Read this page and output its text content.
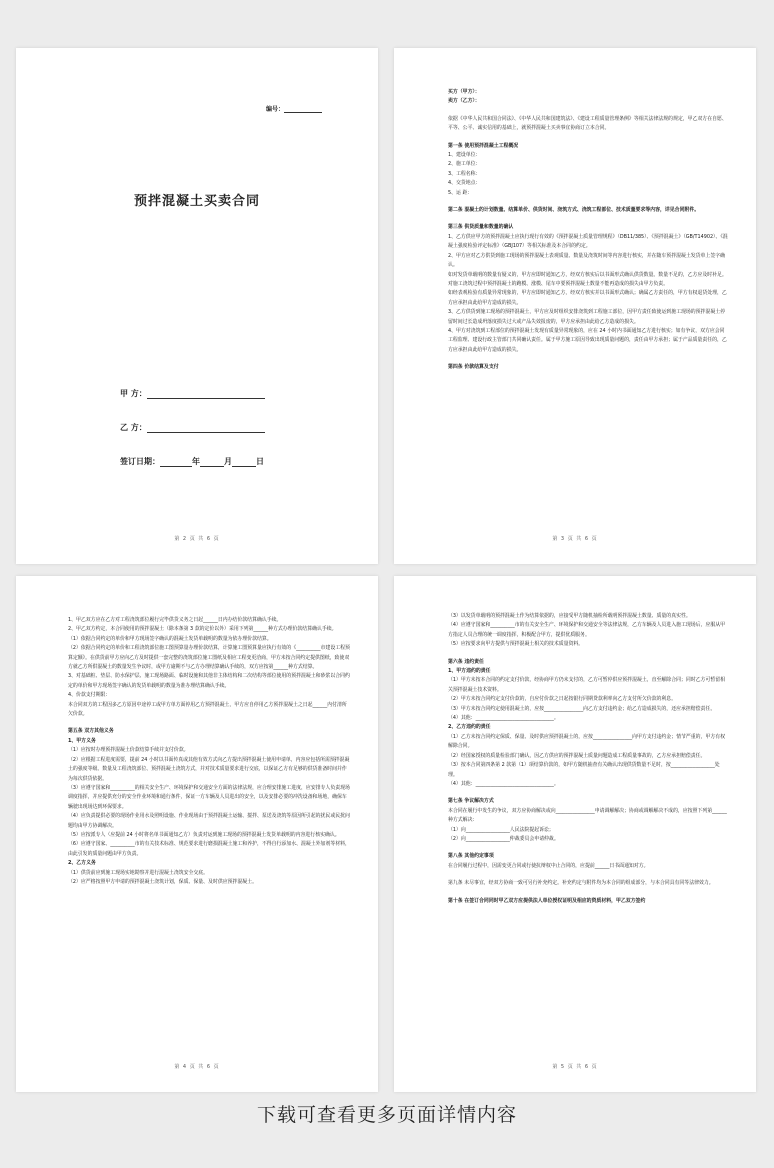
编号：
预拌混凝土买卖合同
甲 方：
乙 方：
签订日期：	年	月	日
第 2 页 共 6 页

买方（甲方）：

卖方（乙方）：

依据《中华人民共和国合同法》、《中华人民共和国建筑法》、《建设工程质量管理条例》等相关法律法规的规定，甲乙双方在自愿、平等、公平、诚实信用的基础上，就预拌混凝土买卖事宜协商订立本合同。

第一条 使用预拌混凝土工程概况

1、建设单位：

2、施工单位：

3、工程名称：

4、交货地点：

5、运 距：

第二条 混凝土的计划数量、结算单价、供货时间、浇筑方式、浇筑工程部位、技术质量要求等内容，详见合同附件。

第三条 供货质量和数量的确认

1、乙方供应甲方的预拌混凝土应执行现行有效的《预拌混凝土质量管理规程》（DB11/385）、《预拌混凝土》（GB/T14902）、《混凝土强度检验评定标准》（GBJ107）等相关标准及本合同的约定。

2、甲方应对乙方供货到施工现场的预拌混凝土表观质量、数量及浇筑时间等内容进行核实，并在随车预拌混凝土发货单上签字确认。

如对发货单载明的数量有疑义的，甲方应即时通知乙方，经双方核实后以书面形式确认供货数量。数量不足的，乙方应及时补足。对施工浇筑过程中预拌混凝土的跑模、涨模、尾车中要预拌混凝土数量不能再造成的损失由甲方负责。

如经表观检验有质量异常现象的，甲方应即时通知乙方，经双方核实并以书面形式确认；确属乙方责任的，甲方有权退货处理，乙方应承担由此给甲方造成的损失。

3、乙方供货到施工现场的预拌混凝土，甲方应及时组织安排浇筑到工程施工部位，因甲方责任致使运到施工现场的预拌混凝土停留时间过长造成坍落度损失过大或产品失效报废的，甲方应承担由此给乙方造成的损失。

4、甲方对浇筑到工程部位的预拌混凝土发现有质量异常现象的，应在 24 小时内书面通知乙方进行核实；如有争议，双方应会同工程监理、建设行政主管部门共同确认责任。属于甲方施工原因导致出现质量问题的，责任由甲方承担；属于产品质量责任的，乙方应承担由此给甲方造成的损失。

第四条 价款结算及支付

第 3 页 共 6 页

1、甲乙双方应在乙方对工程浇筑部位履行完毕供货义务之日起______日内办结价款结算确认手续。

2、甲乙双方约定，本合同使用的预拌混凝土（除本条第 3 款的定价以外）采用下列第______种方式办理价款结算确认手续。

（1）依据合同约定的单价和甲方现场签字确认的混凝土发货单载明的数量为依办理价款结算。

（2）依据合同约定的单价和工程浇筑部位施工图预算量办理价款结算，计算施工图预算量应执行有效的《__________市建设工程预算定额》。在供货前甲方应向乙方及时提供一套完整的浇筑部位施工图纸及相应工程变更洽商，甲方未按合同约定提供图纸，致使双方就乙方所供混凝土的数量发生争议时，或甲方逾期不与乙方办理结算确认手续的，双方应按第______种方式结算。

3、对基础桩、垫层、防水保护层、施工现场路面、临时设施和其他非主体结构和二次结构等部位使用的预拌混凝土和砂浆以合同约定的单价和甲方现场签字确认的发货单载明的数量为准办理结算确认手续。

4、价款支付期限：

本合同双方的工程因多乙方原因中途停工或甲方单方面停用乙方预拌混凝土，甲方应自停用乙方预拌混凝土之日起______内付清所欠价款。

第五条 双方其他义务

1、甲方义务

（1）应按时办理预拌混凝土价款结算手续并支付价款。

（2）应根据工程进度需要，提前 24 小时以书面传真或其他有效方式向乙方提出预拌混凝土使用申请单，内容应包括所需预拌混凝土的强度等级、数量及工程浇筑部位、预拌混凝土浇筑方式，并对技术质量要求进行交底，以保证乙方有足够的供货准备时间并作为每次供货依据。

（3）应遵守国家和__________的相关安全生产、环境保护和交通安全方面的法律法规，应合理安排施工进度，应安排专人负责现场调度指挥，并应提供充分的安全作业环境和通行条件，保证一方车辆及人员进出的安全，以及安排必要的冲洗设备和场地，确保车辆驶出现场达到环保要求。

（4）应负责提供必要的现场作业用水及照明设施、作业现场由于预拌混凝土运输、搅拌、泵送及浇筑等原因所引起的扰民或民扰问题均由甲方协调解决。

（5）应按派专人（应提前 24 小时将名单书面通知乙方）负责对运到施工现场的预拌混凝土发货单载明的内容进行核实确认。

（6）应遵守国家、__________市的有关技术标准、规范要求进行磨损混凝土施工和养护，不得自行添加水、混凝土外加剂等材料，由此引发的质量问题由甲方负责。

2、乙方义务

（1）供货前应到施工现场实地勘察并进行混凝土浇筑安全交底。

（2）应严格按照甲方申请的预拌混凝土浇筑计划，保质、保量、及时供应预拌混凝土。

第 4 页 共 6 页

（3）以发货单载明的预拌混凝土作为结算依据的，应接受甲方随机抽检所载明预拌混凝土数量、质量的真实性。

（4）应遵守国家和__________市的有关安全生产、环境保护和交通安全等法律法规，乙方车辆及人员进入施工现场后，应服从甲方指定人员合理的统一调度指挥，积极配合甲方，提供优质服务。

（5）应按要求向甲方提供与预拌混凝土相关的技术质量资料。

第六条 违约责任

1、甲方违约的责任

（1）甲方未按本合同的约定支付价款，经协商甲方仍未支付的，乙方可暂停供应预拌混凝土，直至解除合同；同时乙方可暂留相关预拌混凝土技术资料。

（2）甲方未按合同约定支付价款的，自应付价款之日起按银行同期贷款利率向乙方支付所欠价款的利息。

（3）甲方未按合同约定使用混凝土的，应按________________向乙方支付违约金；给乙方造成损失的，还应承担赔偿责任。

（4）其他：________________________________。

2、乙方违约的责任

（1）乙方未按合同约定保质、保量、及时供应预拌混凝土的，应按________________向甲方支付违约金；情节严重的，甲方有权解除合同。

（2）经国家授权的质量检验部门确认，因乙方供应的预拌混凝土质量问题造成工程质量事故的，乙方应承担赔偿责任。

（3）按本合同第四条第 2 款第（1）项结算价款的，如甲方随机抽查有关确认出现供货数量不足时，按__________________处理。

（4）其他：________________________________。

第七条 争议解决方式

本合同在履行中发生的争议，双方应协商解决或向________________申请调解解决；协商或调解解决不成的，应按照下列第______种方式解决：

（1）向__________________人民法院提起诉讼；

（2）向__________________仲裁委员会申请仲裁。

第八条 其他约定事项

在合同履行过程中，因需变更合同或行使抗辩权中止合同的，应提前______日书面通知对方。

第九条 未尽事宜，经双方协商一致可另行补充约定。补充约定与附件均为本合同的组成部分，与本合同具有同等法律效力。

第十条 在签订合同同时甲乙双方应提供法人单位授权证明及相应的资质材料，甲乙双方签约

第 5 页 共 6 页
下载可查看更多页面详情内容
